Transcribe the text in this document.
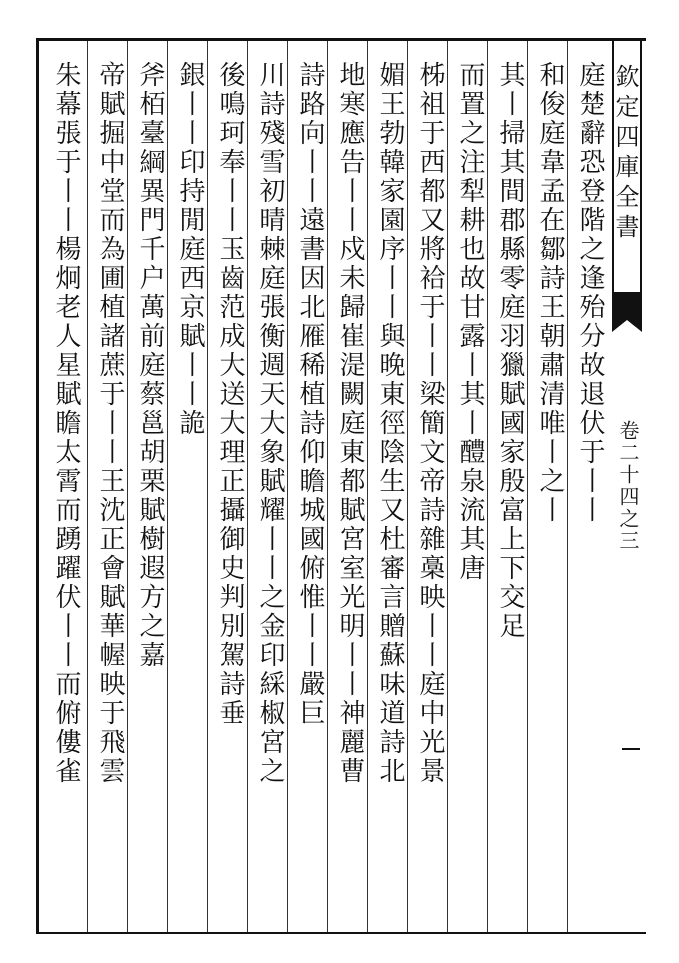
庭楚辭恐登階之逢殆分故退伏于丨丨
和俊庭韋孟在鄒詩王朝肅清唯丨之丨
其丨掃其間郡縣零庭羽獵賦國家殷富上下交足
而置之注犁耕也故甘露丨其丨醴泉流其唐
柹祖于西都又將袷于丨丨梁簡文帝詩雜槀映丨丨庭中光景
媚王勃韓家園序丨丨與晚東徑陰生又杜審言贈蘇味道詩北
地寒應告丨丨戍未歸崔湜闕庭東都賦宮室光明丨丨神麗曹
詩路向丨丨遠書因北雁稀植詩仰瞻城國俯惟丨丨嚴巨
川詩殘雪初晴棘庭張衡週天大象賦耀丨丨之金印綵椒宮之
後鳴珂奉丨丨玉齒范成大送大理正攝御史判別駕詩垂
銀丨丨印持閒庭西京賦丨丨詭
斧栢臺綱異門千户萬前庭蔡邕胡栗賦樹遐方之嘉
帝賦掘中堂而為圃植諸蔗于丨丨王沈正會賦華幄映于飛雲
朱幕張于丨丨楊炯老人星賦瞻太霄而踴躍伏丨丨而俯僂雀	欽定四庫全書
卷二十四之三
